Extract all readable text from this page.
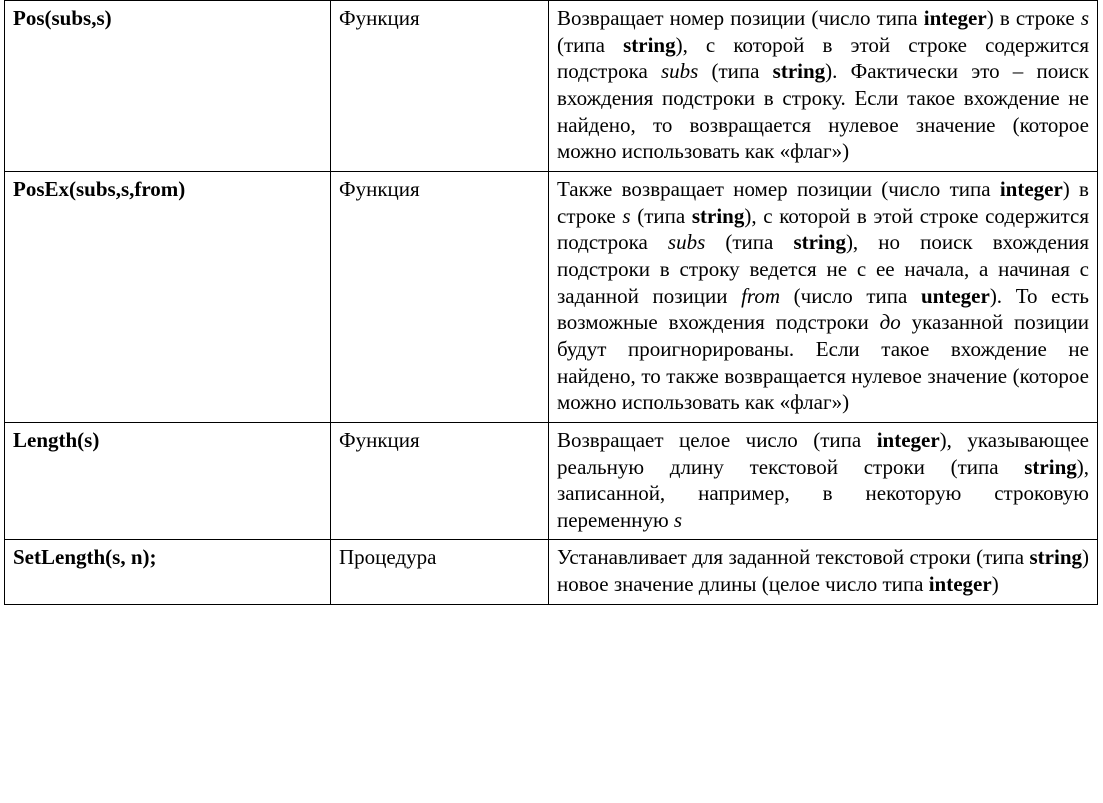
Pos(subs,s)	Функция	Возвращает номер позиции (число типа integer) в строке s (типа string), с которой в этой строке содержится подстрока subs (типа string). Фактически это – поиск вхождения подстроки в строку. Если такое вхождение не найдено, то возвращается нулевое значение (которое можно использовать как «флаг»)

PosEx(subs,s,from)	Функция	Также возвращает номер позиции (число типа integer) в строке s (типа string), с которой в этой строке содержится подстрока subs (типа string), но поиск вхождения подстроки в строку ведется не с ее начала, а начиная с заданной позиции from (число типа unteger). То есть возможные вхождения подстроки до указанной позиции будут проигнорированы. Если такое вхождение не найдено, то также возвращается нулевое значение (которое можно использовать как «флаг»)

Length(s)	Функция	Возвращает целое число (типа integer), указывающее реальную длину текстовой строки (типа string), записанной, например, в некоторую строковую переменную s

SetLength(s, n);	Процедура	Устанавливает для заданной текстовой строки (типа string) новое значение длины (целое число типа integer)
